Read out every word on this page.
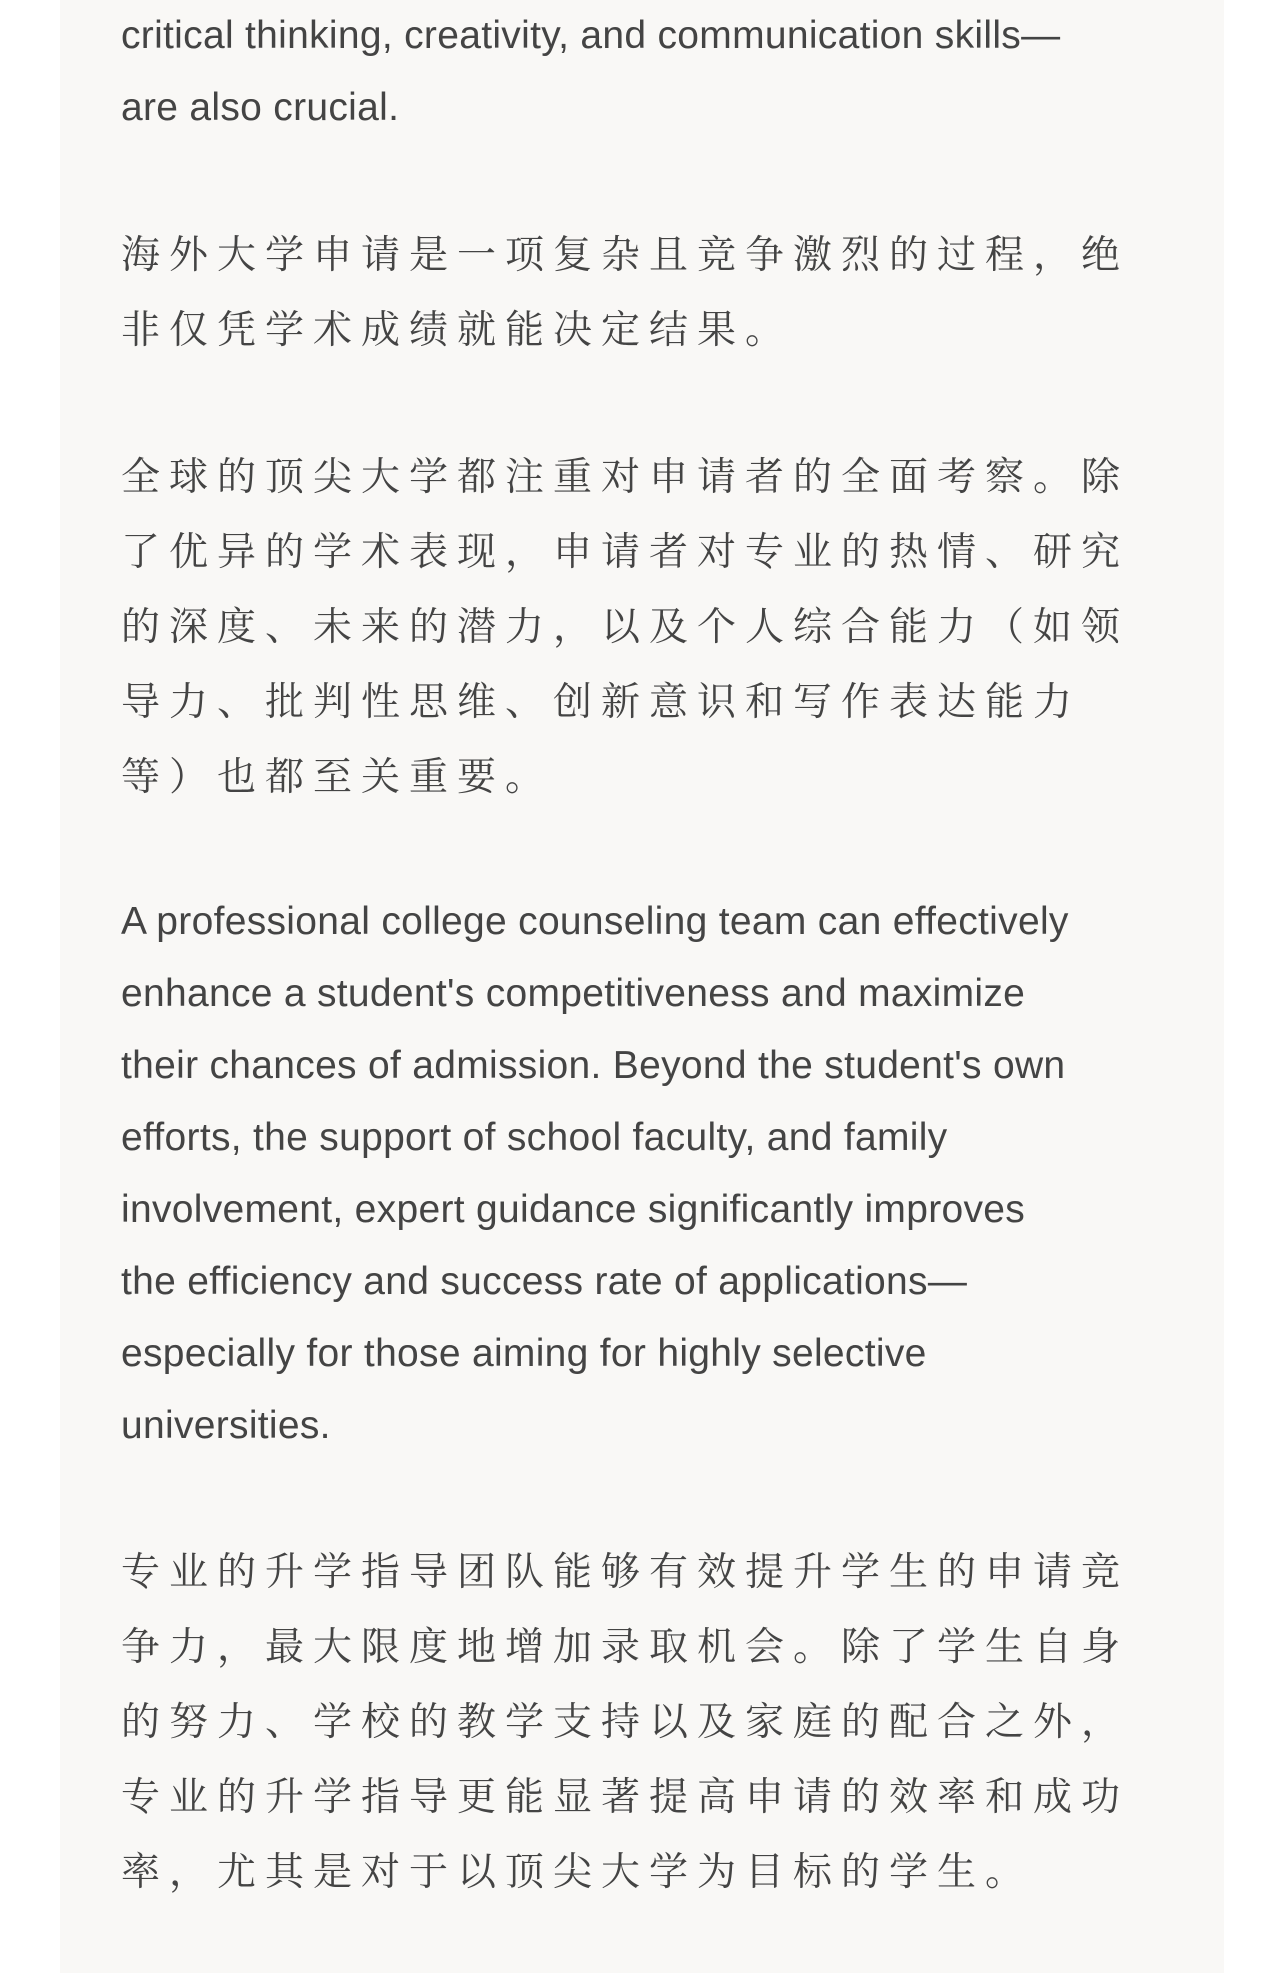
critical thinking, creativity, and communication skills—
are also crucial.

海外大学申请是一项复杂且竞争激烈的过程，绝
非仅凭学术成绩就能决定结果。

全球的顶尖大学都注重对申请者的全面考察。除
了优异的学术表现，申请者对专业的热情、研究
的深度、未来的潜力，以及个人综合能力（如领
导力、批判性思维、创新意识和写作表达能力
等）也都至关重要。

A professional college counseling team can effectively
enhance a student's competitiveness and maximize
their chances of admission. Beyond the student's own
efforts, the support of school faculty, and family
involvement, expert guidance significantly improves
the efficiency and success rate of applications—
especially for those aiming for highly selective
universities.

专业的升学指导团队能够有效提升学生的申请竞
争力，最大限度地增加录取机会。除了学生自身
的努力、学校的教学支持以及家庭的配合之外，
专业的升学指导更能显著提高申请的效率和成功
率，尤其是对于以顶尖大学为目标的学生。
